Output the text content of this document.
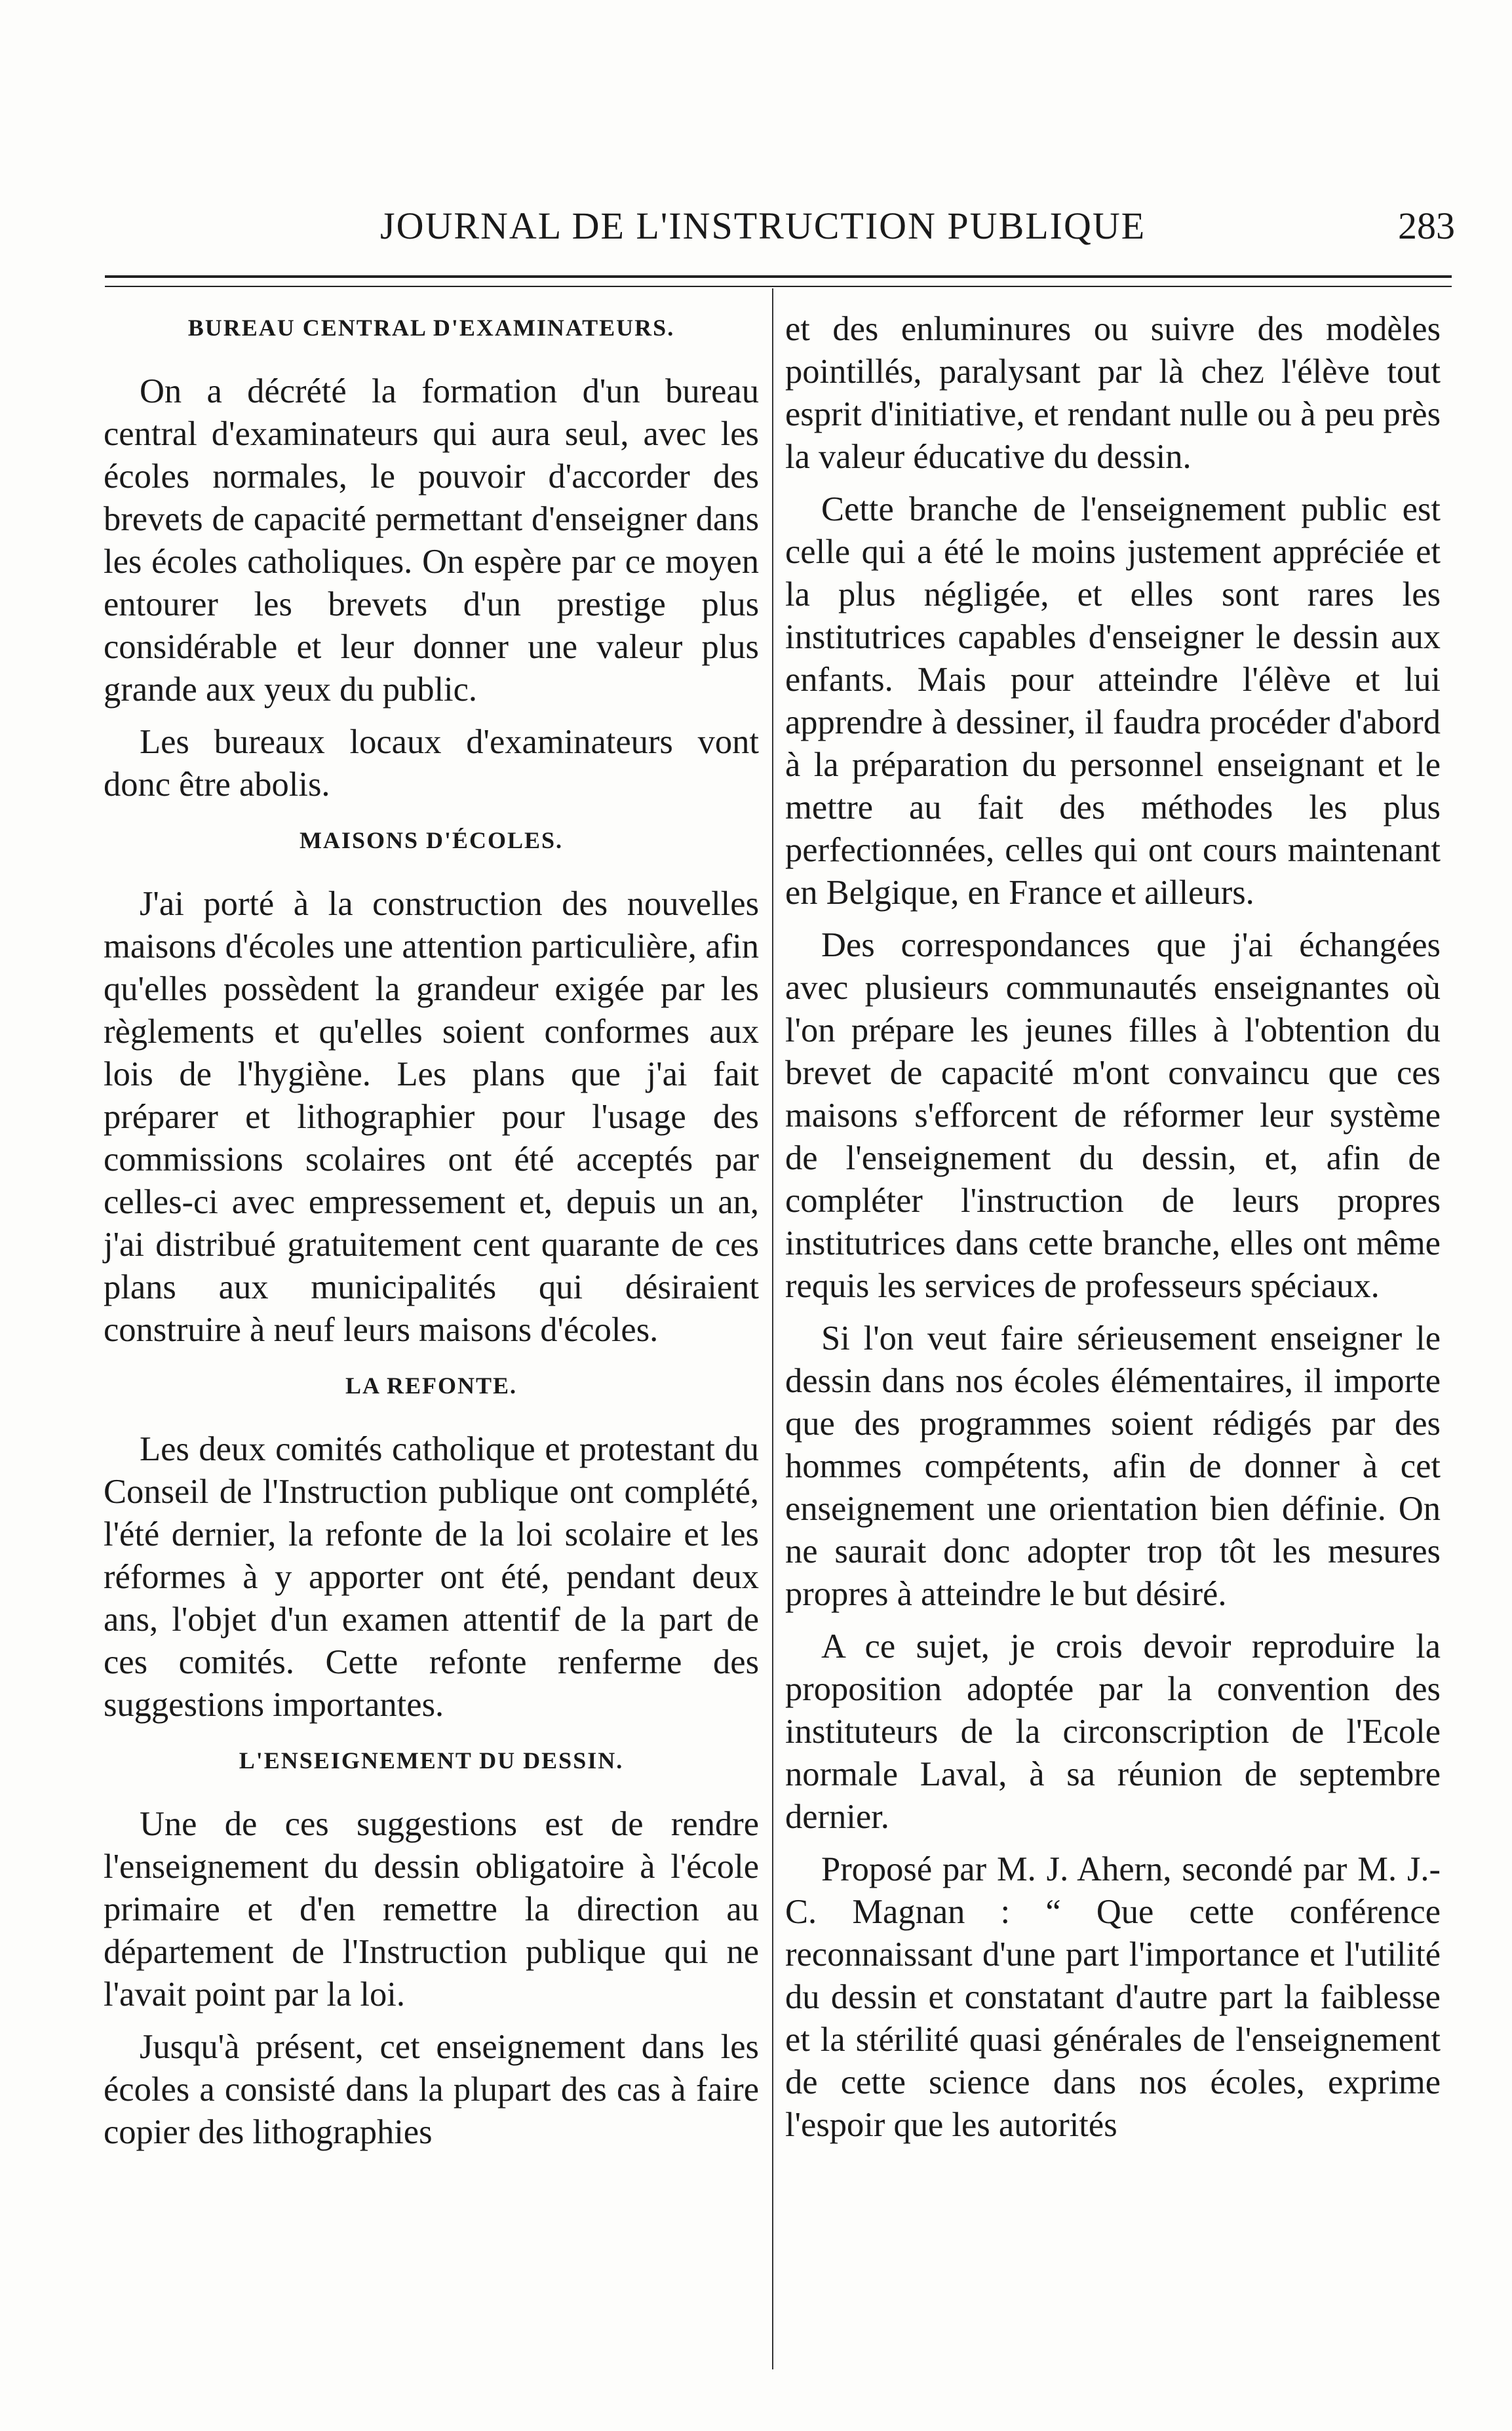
JOURNAL DE L'INSTRUCTION PUBLIQUE	283
BUREAU CENTRAL D'EXAMINATEURS.

On a décrété la formation d'un bureau central d'examinateurs qui aura seul, avec les écoles normales, le pouvoir d'accorder des brevets de capacité permettant d'enseigner dans les écoles catholiques. On espère par ce moyen entourer les brevets d'un prestige plus considérable et leur donner une valeur plus grande aux yeux du public.

Les bureaux locaux d'examinateurs vont donc être abolis.

MAISONS D'ÉCOLES.

J'ai porté à la construction des nouvelles maisons d'écoles une attention particulière, afin qu'elles possèdent la grandeur exigée par les règlements et qu'elles soient conformes aux lois de l'hygiène. Les plans que j'ai fait préparer et lithographier pour l'usage des commissions scolaires ont été acceptés par celles-ci avec empressement et, depuis un an, j'ai distribué gratuitement cent quarante de ces plans aux municipalités qui désiraient construire à neuf leurs maisons d'écoles.

LA REFONTE.

Les deux comités catholique et protestant du Conseil de l'Instruction publique ont complété, l'été dernier, la refonte de la loi scolaire et les réformes à y apporter ont été, pendant deux ans, l'objet d'un examen attentif de la part de ces comités. Cette refonte renferme des suggestions importantes.

L'ENSEIGNEMENT DU DESSIN.

Une de ces suggestions est de rendre l'enseignement du dessin obligatoire à l'école primaire et d'en remettre la direction au département de l'Instruction publique qui ne l'avait point par la loi.

Jusqu'à présent, cet enseignement dans les écoles a consisté dans la plupart des cas à faire copier des lithographies

et des enluminures ou suivre des modèles pointillés, paralysant par là chez l'élève tout esprit d'initiative, et rendant nulle ou à peu près la valeur éducative du dessin.

Cette branche de l'enseignement public est celle qui a été le moins justement appréciée et la plus négligée, et elles sont rares les institutrices capables d'enseigner le dessin aux enfants. Mais pour atteindre l'élève et lui apprendre à dessiner, il faudra procéder d'abord à la préparation du personnel enseignant et le mettre au fait des méthodes les plus perfectionnées, celles qui ont cours maintenant en Belgique, en France et ailleurs.

Des correspondances que j'ai échangées avec plusieurs communautés enseignantes où l'on prépare les jeunes filles à l'obtention du brevet de capacité m'ont convaincu que ces maisons s'efforcent de réformer leur système de l'enseignement du dessin, et, afin de compléter l'instruction de leurs propres institutrices dans cette branche, elles ont même requis les services de professeurs spéciaux.

Si l'on veut faire sérieusement enseigner le dessin dans nos écoles élémentaires, il importe que des programmes soient rédigés par des hommes compétents, afin de donner à cet enseignement une orientation bien définie. On ne saurait donc adopter trop tôt les mesures propres à atteindre le but désiré.

A ce sujet, je crois devoir reproduire la proposition adoptée par la convention des instituteurs de la circonscription de l'Ecole normale Laval, à sa réunion de septembre dernier.

Proposé par M. J. Ahern, secondé par M. J.-C. Magnan : “ Que cette conférence reconnaissant d'une part l'importance et l'utilité du dessin et constatant d'autre part la faiblesse et la stérilité quasi générales de l'enseignement de cette science dans nos écoles, exprime l'espoir que les autorités
